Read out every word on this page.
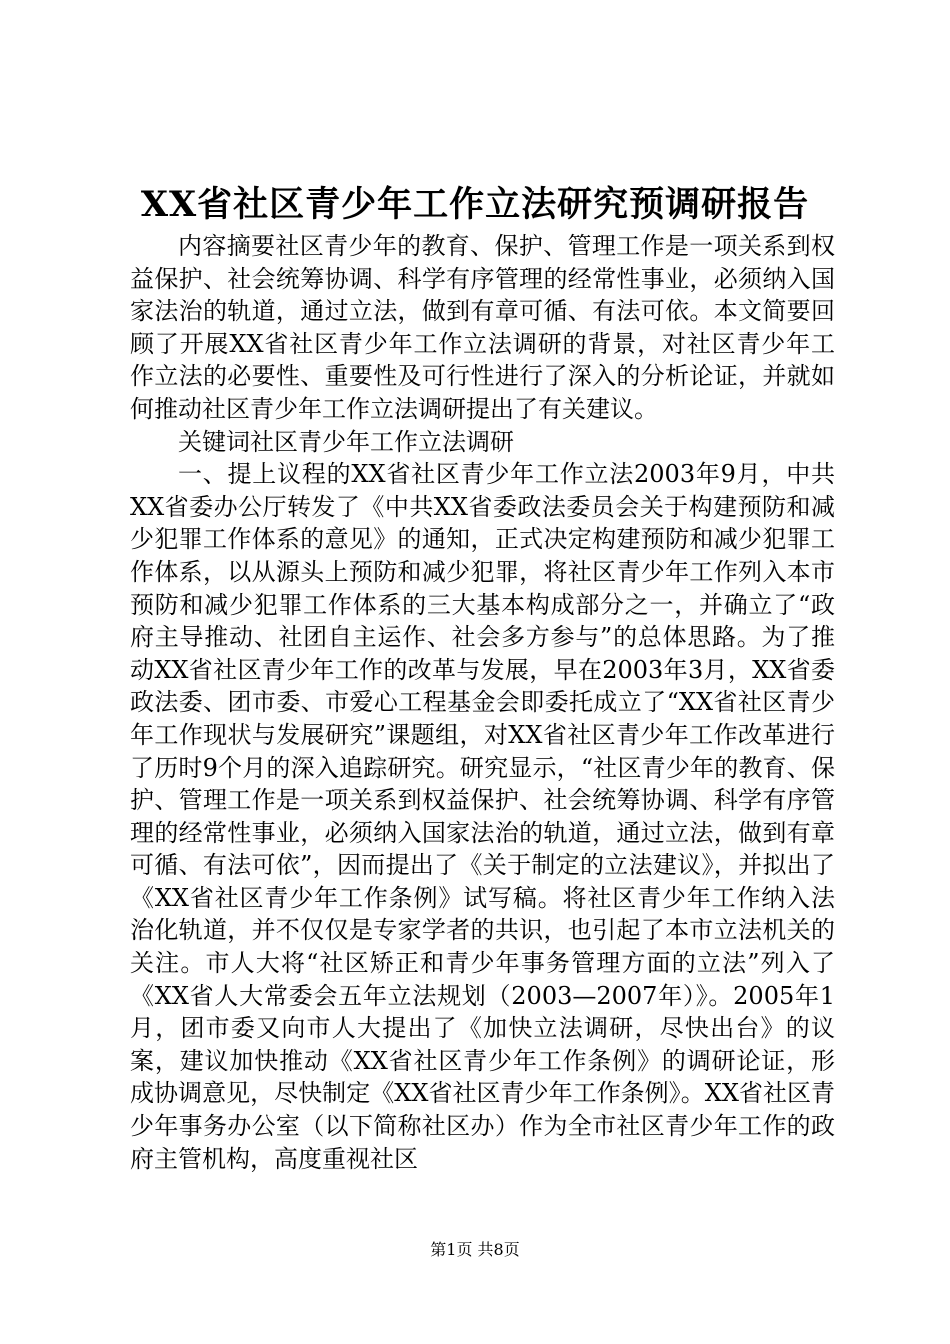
XX省社区青少年工作立法研究预调研报告

内容摘要社区青少年的教育、保护、管理工作是一项关系到权益保护、社会统筹协调、科学有序管理的经常性事业，必须纳入国家法治的轨道，通过立法，做到有章可循、有法可依。本文简要回顾了开展XX省社区青少年工作立法调研的背景，对社区青少年工作立法的必要性、重要性及可行性进行了深入的分析论证，并就如何推动社区青少年工作立法调研提出了有关建议。

关键词社区青少年工作立法调研

一、提上议程的XX省社区青少年工作立法2003年9月，中共XX省委办公厅转发了《中共XX省委政法委员会关于构建预防和减少犯罪工作体系的意见》的通知，正式决定构建预防和减少犯罪工作体系，以从源头上预防和减少犯罪，将社区青少年工作列入本市预防和减少犯罪工作体系的三大基本构成部分之一，并确立了“政府主导推动、社团自主运作、社会多方参与”的总体思路。为了推动XX省社区青少年工作的改革与发展，早在2003年3月，XX省委政法委、团市委、市爱心工程基金会即委托成立了“XX省社区青少年工作现状与发展研究”课题组，对XX省社区青少年工作改革进行了历时9个月的深入追踪研究。研究显示，“社区青少年的教育、保护、管理工作是一项关系到权益保护、社会统筹协调、科学有序管理的经常性事业，必须纳入国家法治的轨道，通过立法，做到有章可循、有法可依”，因而提出了《关于制定的立法建议》，并拟出了《XX省社区青少年工作条例》试写稿。将社区青少年工作纳入法治化轨道，并不仅仅是专家学者的共识，也引起了本市立法机关的关注。市人大将“社区矫正和青少年事务管理方面的立法”列入了《XX省人大常委会五年立法规划（2003—2007年）》。2005年1月，团市委又向市人大提出了《加快立法调研，尽快出台》的议案，建议加快推动《XX省社区青少年工作条例》的调研论证，形成协调意见，尽快制定《XX省社区青少年工作条例》。XX省社区青少年事务办公室（以下简称社区办）作为全市社区青少年工作的政府主管机构，高度重视社区

第1页 共8页
